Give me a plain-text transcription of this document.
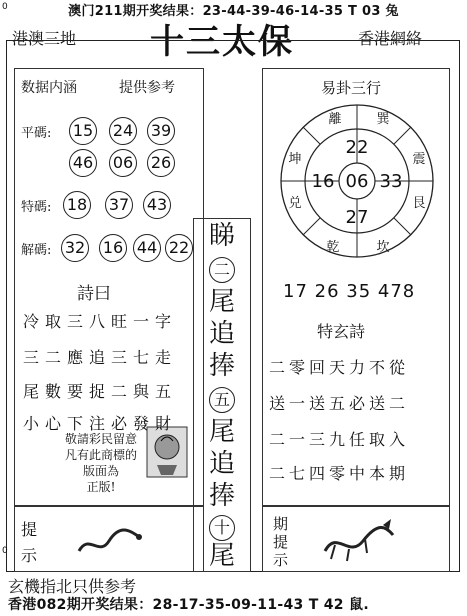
0	澳门211期开奖结果：23-44-39-46-14-35 T 03 兔
港澳三地 十三太保	香港網絡
数据内涵	提供参考
平碼: 15 24 39
46 06 26
特碼: 18 37 43
解碼: 32 16 44 22
詩曰
冷取三八旺一字
三二應追三七走
尾數要捉二與五
小心下注必發財
敬請彩民留意
凡有此商標的
版面為
正版!
提
示
睇
二
尾
追
捧
五
尾
追
捧
十
尾
易卦三行
離	巽
震
艮
坎
乾
兑
坤
22
16 06 33
27
17 26 35 478
特玄詩
二零回天力不從
送一送五必送二
二一三九任取入
二七四零中本期
期
提
示
0
玄機指北只供参考
香港082期开奖结果：28-17-35-09-11-43 T 42 鼠.
